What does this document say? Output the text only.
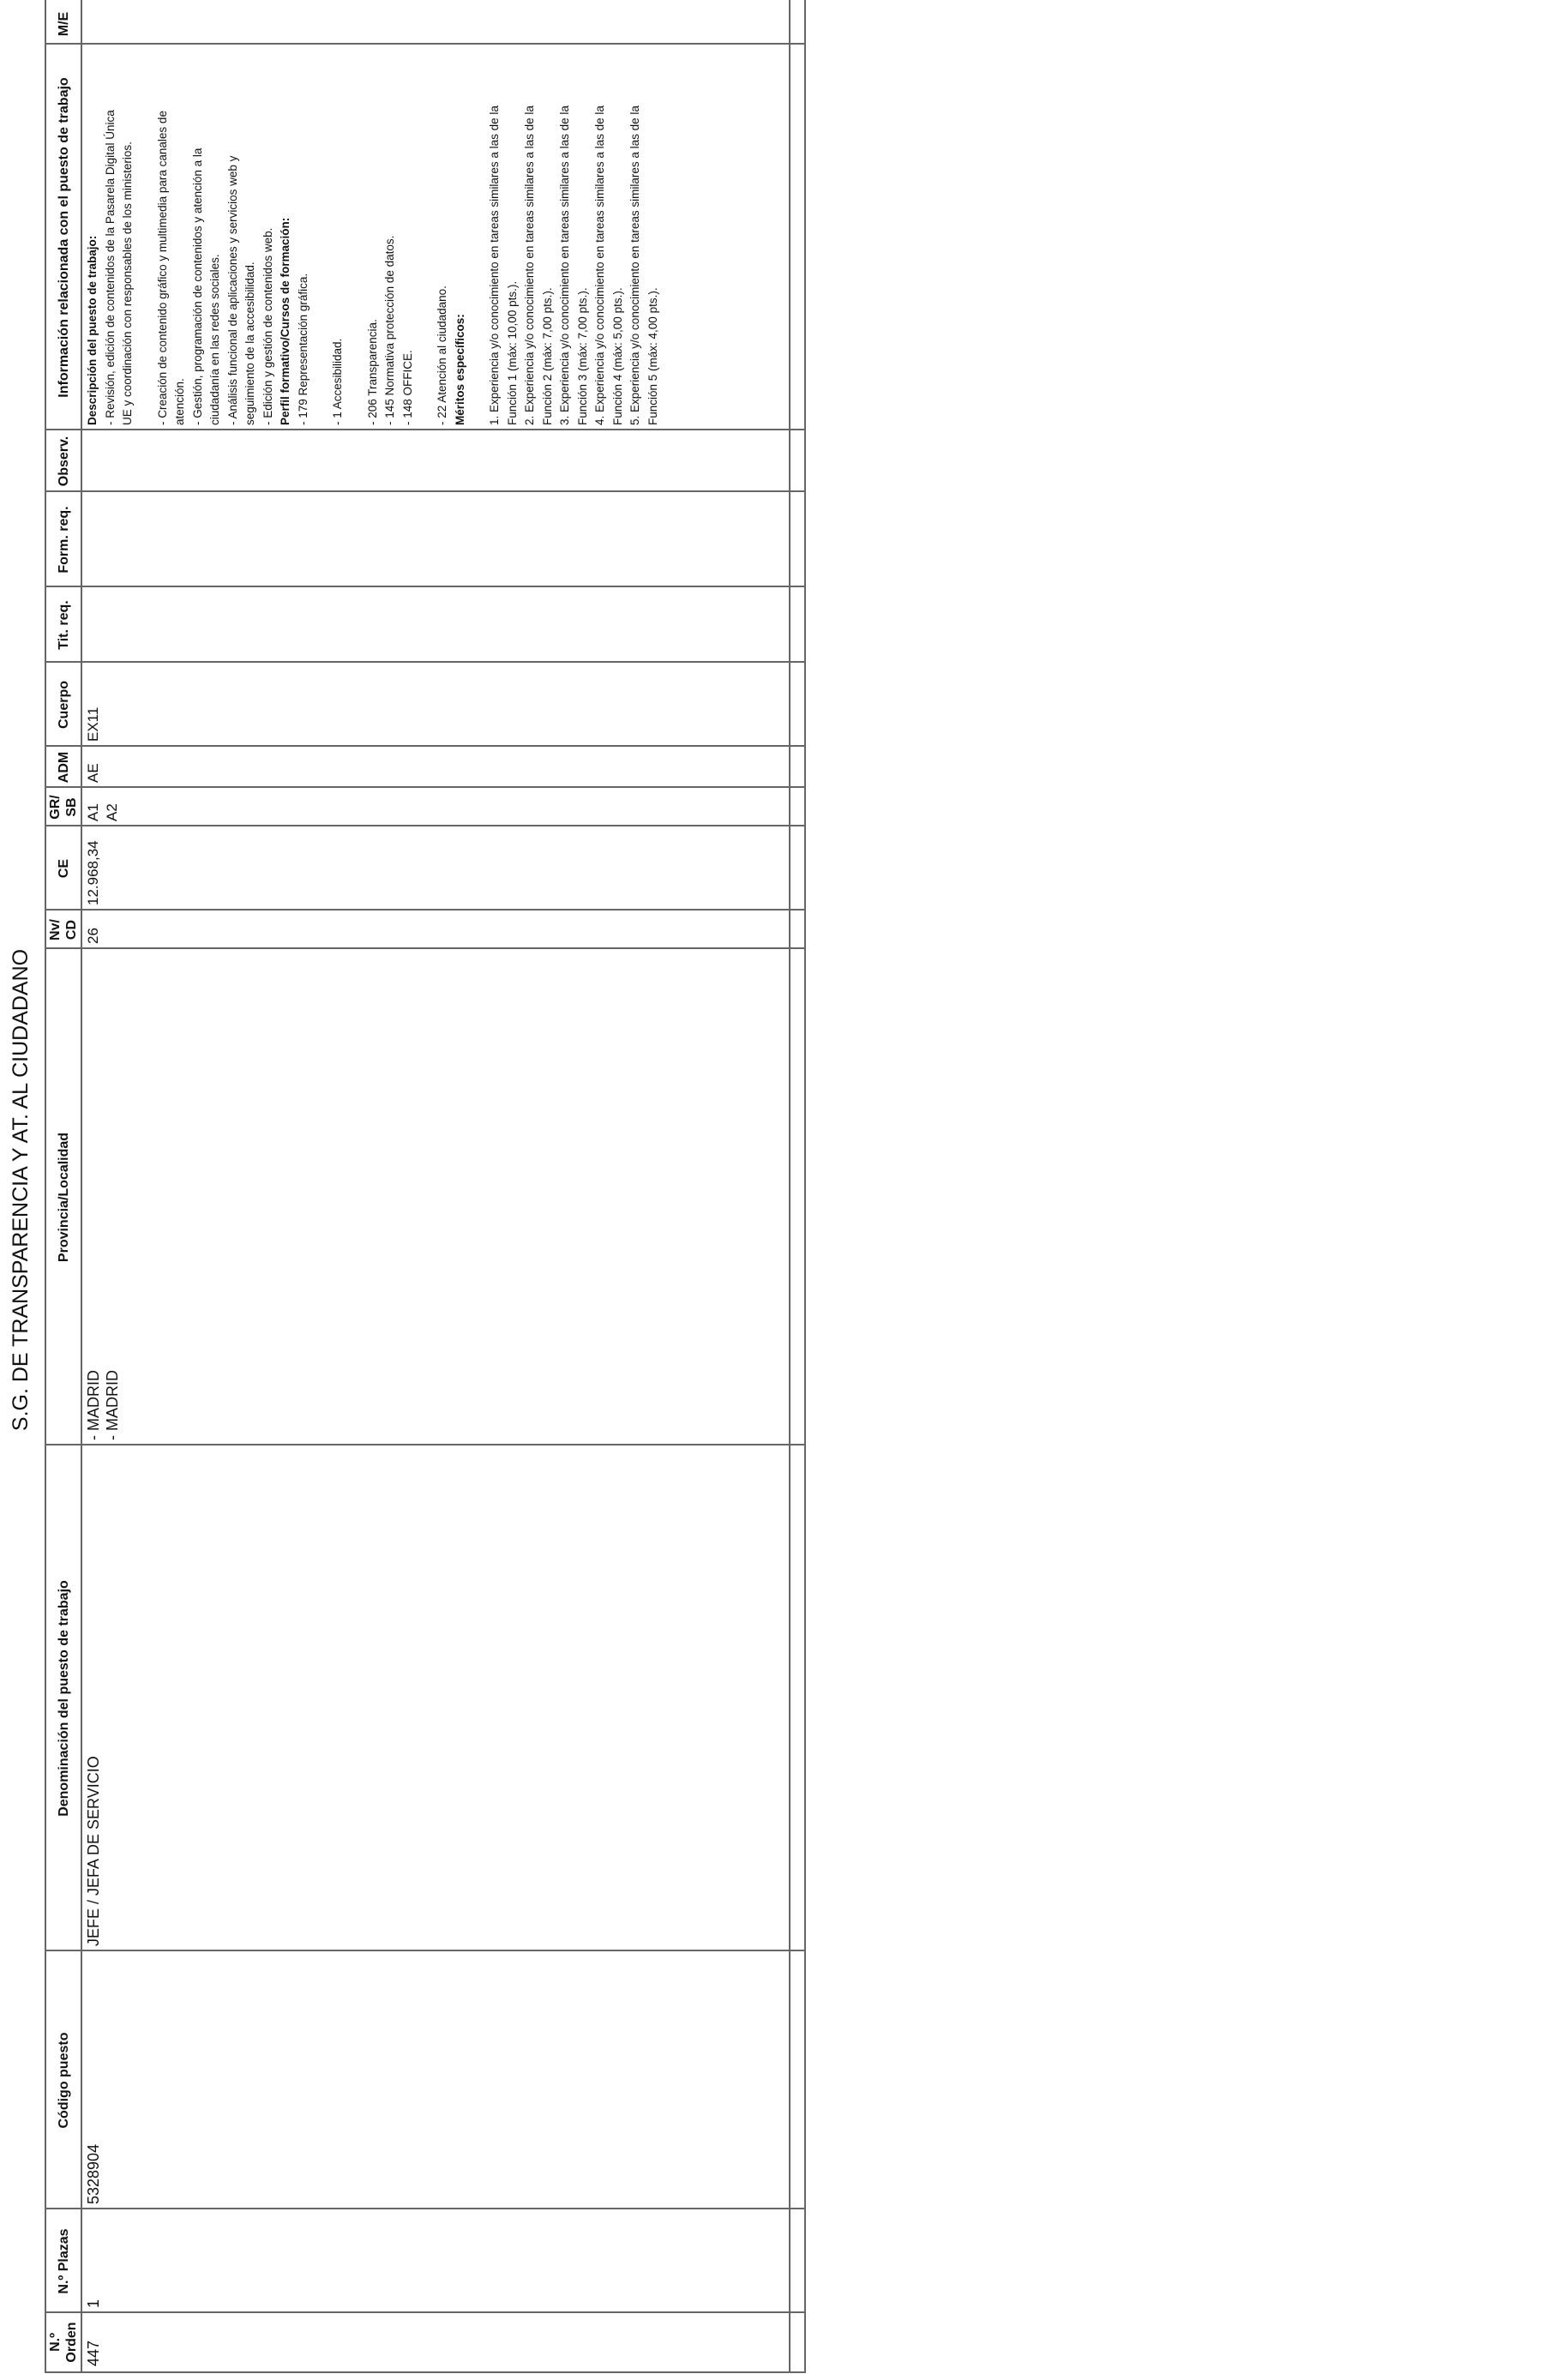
S.G. DE TRANSPARENCIA Y AT. AL CIUDADANO
N.º Orden 447
N.º Plazas
1
Código puesto
5328904
Denominación del puesto de trabajo
JEFE / JEFA DE SERVICIO
Provincia/Localidad
- MADRID
- MADRID
Nv/
CD 26
CE 12.968,34
GR/
SB A1
A2
ADM AE
Cuerpo EX11
Tit. req.
Form. req.
Observ.
Información relacionada con el puesto de trabajo	Descripción del puesto de trabajo: - Revisión, edición de contenidos de la Pasarela Digital Única UE y coordinación con responsables de los ministerios. - Creación de contenido gráfico y multimedia para canales de atención. - Gestión, programación de contenidos y atención a la ciudadanía en las redes sociales. - Análisis funcional de aplicaciones y servicios web y seguimiento de la accesibilidad. - Edición y gestión de contenidos web. Perfil formativo/Cursos de formación: - 179 Representación gráfica. - 1 Accesibilidad. - 206 Transparencia. - 145 Normativa protección de datos. - 148 OFFICE. - 22 Atención al ciudadano. Méritos específicos: 1. Experiencia y/o conocimiento en tareas similares a las de la Función 1 (máx: 10,00 pts.). 2. Experiencia y/o conocimiento en tareas similares a las de la Función 2 (máx: 7,00 pts.). 3. Experiencia y/o conocimiento en tareas similares a las de la Función 3 (máx: 7,00 pts.). 4. Experiencia y/o conocimiento en tareas similares a las de la Función 4 (máx: 5,00 pts.). 5. Experiencia y/o conocimiento en tareas similares a las de la Función 5 (máx: 4,00 pts.).
M/E
